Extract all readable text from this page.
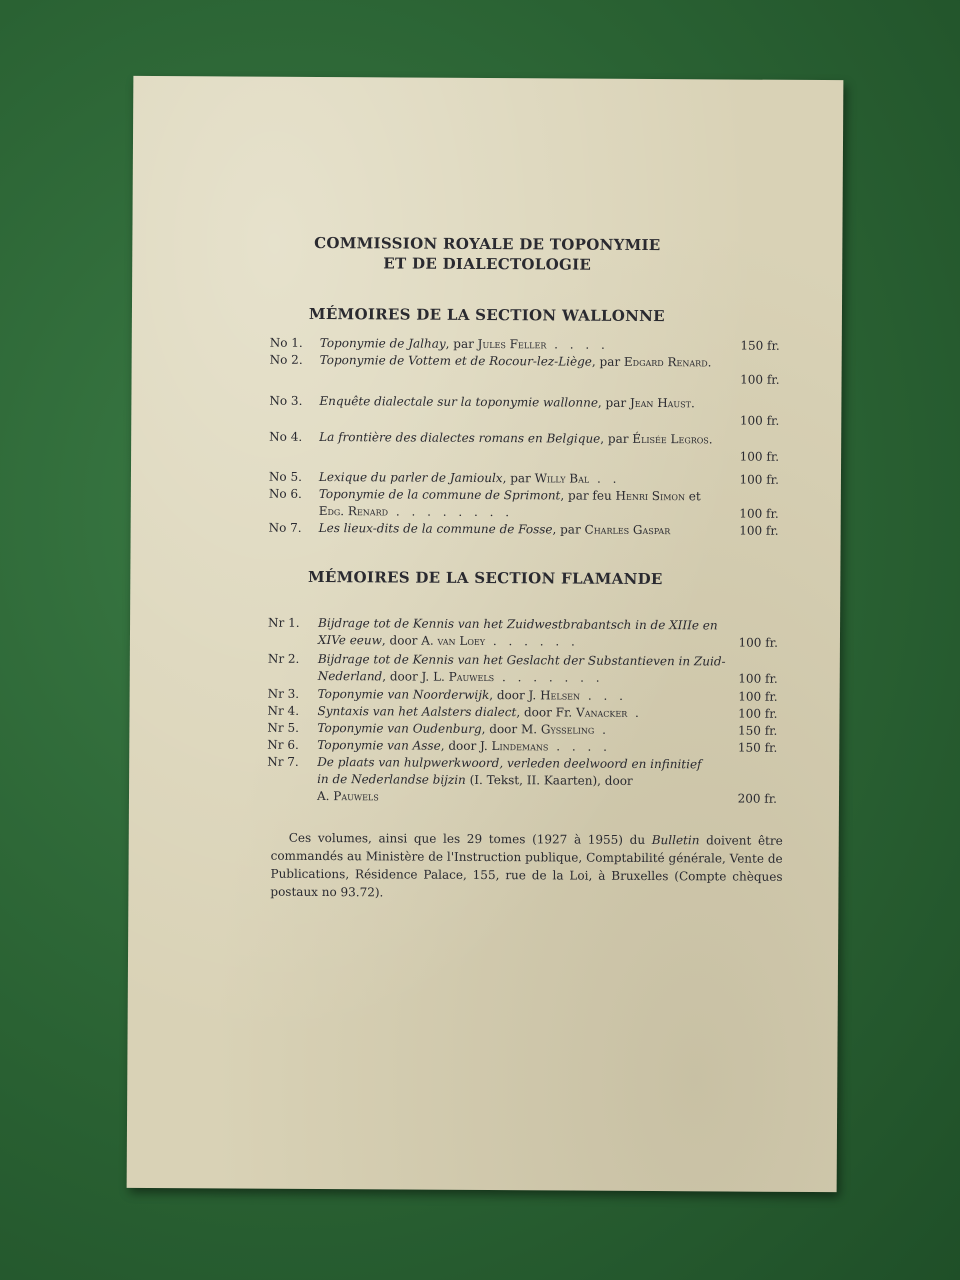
COMMISSION ROYALE DE TOPONYMIE
ET DE DIALECTOLOGIE
MÉMOIRES DE LA SECTION WALLONNE
No 1.	Toponymie de Jalhay, par Jules Feller . . . .	150 fr.
No 2.	Toponymie de Vottem et de Rocour-lez-Liège, par Edgard Renard.
100 fr.
No 3.	Enquête dialectale sur la toponymie wallonne, par Jean Haust.
100 fr.
No 4.	La frontière des dialectes romans en Belgique, par Élisée Legros.
100 fr.
No 5.	Lexique du parler de Jamioulx, par Willy Bal . .	100 fr.
No 6.	Toponymie de la commune de Sprimont, par feu Henri Simon et
Edg. Renard . . . . . . . .	100 fr.
No 7.	Les lieux-dits de la commune de Fosse, par Charles Gaspar	100 fr.
MÉMOIRES DE LA SECTION FLAMANDE
Nr 1.	Bijdrage tot de Kennis van het Zuidwestbrabantsch in de XIIIe en
XIVe eeuw, door A. van Loey . . . . . .	100 fr.
Nr 2.	Bijdrage tot de Kennis van het Geslacht der Substantieven in Zuid-
Nederland, door J. L. Pauwels . . . . . . .	100 fr.
Nr 3.	Toponymie van Noorderwijk, door J. Helsen . . .	100 fr.
Nr 4.	Syntaxis van het Aalsters dialect, door Fr. Vanacker .	100 fr.
Nr 5.	Toponymie van Oudenburg, door M. Gysseling .	150 fr.
Nr 6.	Toponymie van Asse, door J. Lindemans . . . .	150 fr.
Nr 7.	De plaats van hulpwerkwoord, verleden deelwoord en infinitief
in de Nederlandse bijzin (I. Tekst, II. Kaarten), door
A. Pauwels	200 fr.

Ces volumes, ainsi que les 29 tomes (1927 à 1955) du Bulletin doivent être commandés au Ministère de l'Instruction publique, Comptabilité générale, Vente de Publications, Résidence Palace, 155, rue de la Loi, à Bruxelles (Compte chèques postaux no 93.72).
